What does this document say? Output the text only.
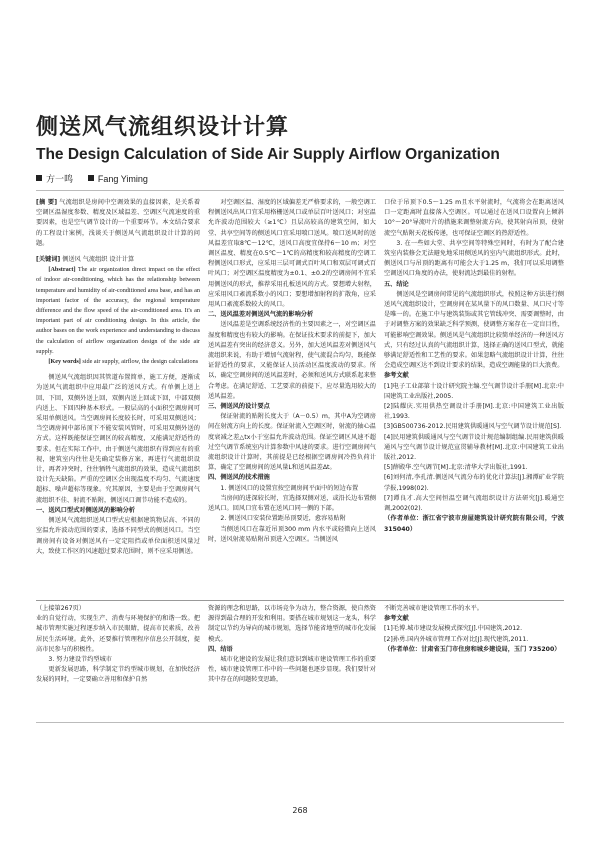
侧送风气流组织设计计算
The Design Calculation of Side Air Supply Airflow Organization
方一鸣	Fang Yiming

[摘 要] 气流组织是房间中空调效果的直接因素，是关系着空调区温湿度参数、精度及区域温差、空调区气流速度的重要因素，也是空气调节设计的一个重要环节。本文结合要求的工程设计案例，浅谈关于侧送风气流组织设计计算的问题。

[关键词] 侧送风 气流组织 设计计算

[Abstract] The air organization direct impact on the effect of indoor air-conditioning, which has the relationship between temperature and humidity of air-conditioned area base, and has an important factor of the accuracy, the regional temperature difference and the flow speed of the air-conditioned area. It's an important part of air conditioning design. In this article, the author bases on the work experience and understanding to discuss the calculation of airflow organization design of the side air supply.

[Key words] side air supply, airflow, the design calculations

侧送风气流组织因其管道布置简单，施工方便，逐渐成为送风气流组织中应用最广泛的送风方式。有单侧上送上回、下回，双侧外送上回，双侧内送上回或下回，中部双侧内送上、下回四种基本形式。一般层高的小面积空调房间可采用单侧送风。当空调房间长度较长时，可采用双侧送风；当空调房间中部吊顶下不能安装风管时，可采用双侧外送的方式。这样既能保证空调区的较高精度，又能满足舒适性的要求。但在实际工作中，由于侧送气流组织有得到应有的重视，建筑室内往往是先确定装修方案，再进行气流组织设计，再者冲突时，往往牺牲气流组织的效果，造成气流组织设计先天缺陷。严重的空调区会出现温度不均匀、气流速度超标、噪声超标等现象。究其原因，主要是由于空调房间气流组织不佳、射流不贴附，侧送风口调节功能不造成的。

一、送风口型式对侧送风的影响分析

侧送风气流组织送风口型式应根据建筑物层高、不同的室温允许波动范围的要求，选择不同型式的侧送风口。当空调房间有设备对侧送风有一定定阻挡或单位面积送风量过大，致使工作区的风速超过要求范围时，则不应采用侧送。

对空调区温、湿度的区域偏差无严格要求的，一般空调工程侧送风出风口宜采用格栅送风口或单层百叶送风口；对室温允许波动范围较大（≥1℃）且层高较高的建筑空间，如大堂、共享空间等的侧送风口宜采用喷口送风。喷口送风时的送风温差宜取8℃～12℃，送风口高度宜保持6～10 m；对空调区温度、精度在0.5℃～1℃的高精度和较高精度的空调工程侧送风口形式，应采用三层可调式百叶风口和双层可调式百叶风口；对空调区温度精度为±0.1、±0.2的空调房间不宜采用侧送风的形式，推荐采用孔板送风的方式。要想增大射程，应采用风口紊流系数小的风口；要想增加射程的扩散角，应采用风口紊流系数较大的风口。

二、送风温差对侧送风气流的影响分析

送风温差是空调系统经济性的主要因素之一，对空调区温湿度和精度也有较大的影响。在保证技术要求的前提下，加大送风温差有突出的经济意义。另外，加大送风温差对侧送风气流组织来说，有助于增加气流射程，使气流混合均匀，既能保证舒适性的要求，又能保证人员活动区温度波动的要求。所以，确定空调房间的送风温差时，必须和送风方式联系起来整合考虑。在满足舒适、工艺要求的前提下，应尽量选用较大的送风温差。

三、侧送风的设计要点

保证射流的贴附长度大于（A－0.5）m，其中A为空调房间在射流方向上的长度。保证射流入空调区时，射流的轴心温度衰减之差△tx小于室温允许波动范围。保证空调区风速不超过空气调节系统室内计算参数中风速的要求。进行空调房间气流组织设计计算时，其前提是已经根据空调房间冷热负荷计算，确定了空调房间的送风量L和送风温差Δt。

四、侧送风的技术措施

1. 侧送风口的设置宜按空调房间平面中的短边布置

当房间的进深较长时，宜选择双侧对送，或沿长边布置侧送风口。回风口宜布置在送风口同一侧的下部。

2. 侧送风口安装位置距吊顶要近，愈容易贴附

当侧送风口在靠近吊顶300 mm 内水平或轻微向上送风时，送风射流易贴附吊顶进入空调区。当侧送风

口位于吊顶下0.5～1.25 m且水平射流时，气流将会在距离送风口一定距离时直接落入空调区。可以通过在送风口设置向上倾斜10°～20°导流叶片的措施来调整射流方向，使其射向吊顶，使射流空气贴附天花板传递，也可保证空调区的热舒适性。

3. 在一些如大堂、共享空间等特殊空间时，有时为了配合建筑室内装修会无法避免地采用侧送风的室内气流组织形式。此时，侧送风口与吊顶的距离有可能会大于1.25 m，我们可以采用调整空调送风口角度的办法，使射流达到最佳的射程。

五、结论

侧送风是空调房间常见的气流组织形式，按照这种方法进行侧送风气流组织设计，空调房间在某风量下的风口数量、风口尺寸等是唯一的。在施工中与建筑装饰或其它管线冲突、需要调整时，由于对调整方案的效果缺乏科学预测，使调整方案存在一定盲目性，可能影响空调效果。侧送风是气流组织比较简单经济的一种送风方式，只有经过认真的气流组织计算，选择正确的送风口型式，就能够满足舒适性和工艺性的要求。如果忽略气流组织设计计算，往往会造成空调区达不到设计要求的结果，造成空调能量的巨大浪费。

参考文献

[1]电子工业部第十设计研究院主编.空气调节设计手册[M].北京:中国建筑工业出版社,2005.

[2]陆耀庆.实用供热空调设计手册[M].北京:中国建筑工业出版社,1993.

[3]GB500736-2012.民用建筑供暖通风与空气调节设计规范[S].

[4]民用建筑供暖通风与空气调节设计规范编制组编.民用建筑供暖通风与空气调节设计规范宣贯辅导教材[M].北京:中国建筑工业出版社,2012.

[5]薛殿华.空气调节[M].北京:清华大学出版社,1991.

[6]刘何清,李孔清.侧送风气流分布的优化计算法[J].湘潭矿业学院学报,1998(02).

[7]谭良才.高大空间恒温空调气流组织设计方法研究[J].暖通空调,2002(02).

（作者单位：浙江省宁波市房屋建筑设计研究院有限公司，宁波 315040）

（上接第267页）

业的自觉行动，实现生产、消费与环境保护的和谐一致。把城市管理实施过程逐步纳入市民眼睛，提高市民素质，改善居民生活环境。此外，还要推行管理程序信息公开制度，提高市民参与的积极性。

3. 努力建设节约型城市

更新发展思路，科学制定节约型城市规划，在加快经济发展的同时，一定要确立善用和保护自然

资源的理念和思路，以市场竞争为动力，整合资源，使自然资源得到最合理的开发和利用。要搭在城市规划这一龙头，科学制定以节约为导向的城市规划，选择节能省地型的城市化发展模式。

四、结语

城市化建设的发展让我们意识到城市建设管理工作的重要性，城市建设管理工作中的一些问题也逐步显现。我们要针对其中存在的问题转变思路，

不断完善城市建设管理工作的水平。

参考文献

[1]毛博.城市建设发展模式探究[J].中国建筑,2012.

[2]孙勇.国内外城市管理工作对比[J].现代建筑,2011.

（作者单位：甘肃省玉门市住房和城乡建设局，玉门 735200）

268
